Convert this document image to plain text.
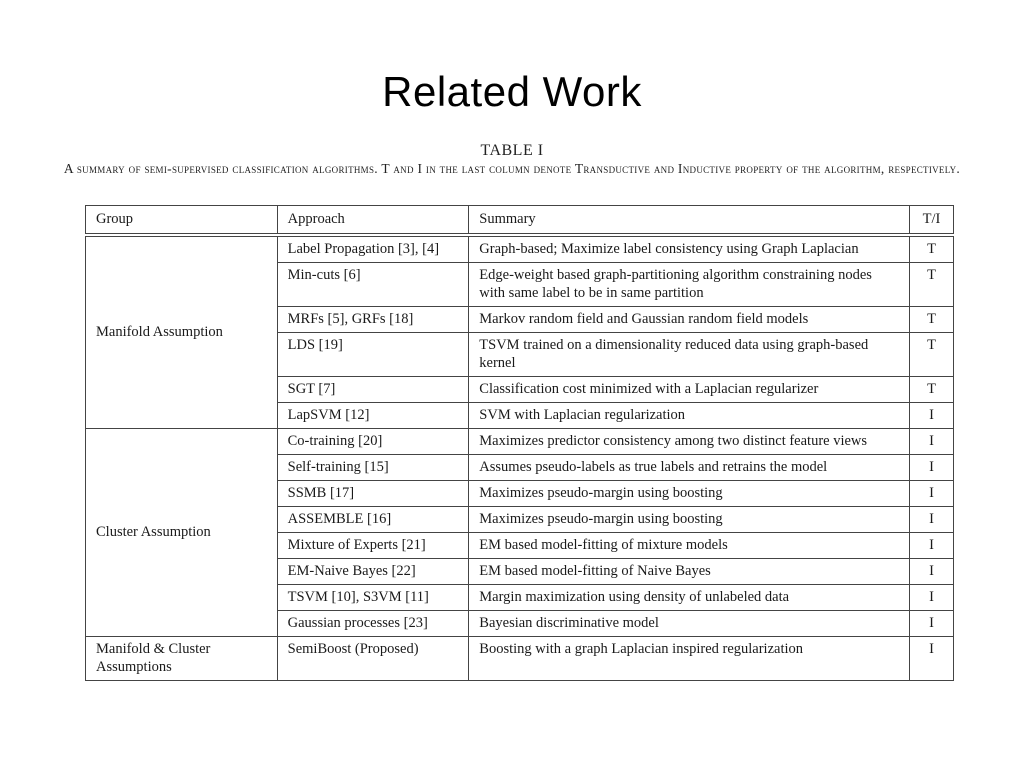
Related Work
TABLE I
A summary of semi-supervised classification algorithms. T and I in the last column denote Transductive and Inductive property of the algorithm, respectively.
Group	Approach	Summary	T/I

Manifold Assumption	Label Propagation [3], [4]	Graph-based; Maximize label consistency using Graph Laplacian	T
	Min-cuts [6]	Edge-weight based graph-partitioning algorithm constraining nodes with same label to be in same partition	T
	MRFs [5], GRFs [18]	Markov random field and Gaussian random field models	T
	LDS [19]	TSVM trained on a dimensionality reduced data using graph-based kernel	T
	SGT [7]	Classification cost minimized with a Laplacian regularizer	T
	LapSVM [12]	SVM with Laplacian regularization	I
Cluster Assumption	Co-training [20]	Maximizes predictor consistency among two distinct feature views	I
	Self-training [15]	Assumes pseudo-labels as true labels and retrains the model	I
	SSMB [17]	Maximizes pseudo-margin using boosting	I
	ASSEMBLE [16]	Maximizes pseudo-margin using boosting	I
	Mixture of Experts [21]	EM based model-fitting of mixture models	I
	EM-Naive Bayes [22]	EM based model-fitting of Naive Bayes	I
	TSVM [10], S3VM [11]	Margin maximization using density of unlabeled data	I
	Gaussian processes [23]	Bayesian discriminative model	I
Manifold & Cluster Assumptions	SemiBoost (Proposed)	Boosting with a graph Laplacian inspired regularization	I
